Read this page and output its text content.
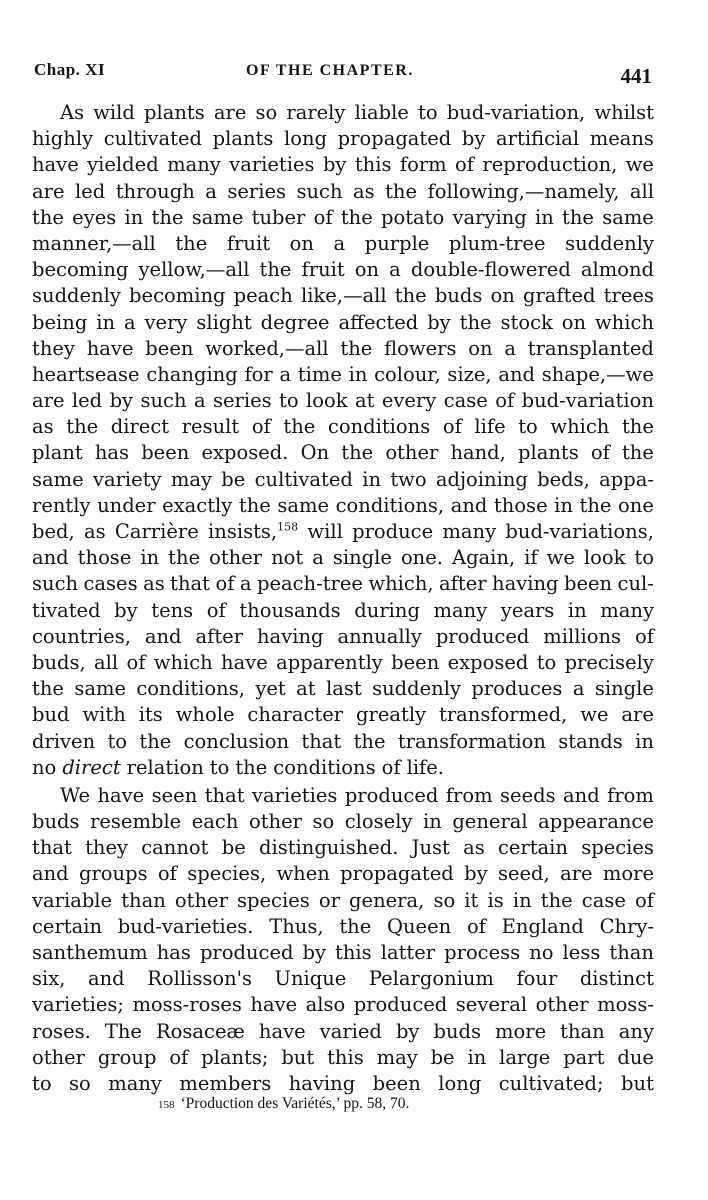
Chap. XI	OF THE CHAPTER.	441
As wild plants are so rarely liable to bud-variation, whilst
highly cultivated plants long propagated by artificial means
have yielded many varieties by this form of reproduction, we
are led through a series such as the following,—namely, all
the eyes in the same tuber of the potato varying in the same
manner,—all the fruit on a purple plum-tree suddenly
becoming yellow,—all the fruit on a double-flowered almond
suddenly becoming peach like,—all the buds on grafted trees
being in a very slight degree affected by the stock on which
they have been worked,—all the flowers on a transplanted
heartsease changing for a time in colour, size, and shape,—we
are led by such a series to look at every case of bud-variation
as the direct result of the conditions of life to which the
plant has been exposed. On the other hand, plants of the
same variety may be cultivated in two adjoining beds, appa-
rently under exactly the same conditions, and those in the one
bed, as Carrière insists,$^{158}$ will produce many bud-variations,
and those in the other not a single one. Again, if we look to
such cases as that of a peach-tree which, after having been cul-
tivated by tens of thousands during many years in many
countries, and after having annually produced millions of
buds, all of which have apparently been exposed to precisely
the same conditions, yet at last suddenly produces a single
bud with its whole character greatly transformed, we are
driven to the conclusion that the transformation stands in
no direct relation to the conditions of life.
We have seen that varieties produced from seeds and from
buds resemble each other so closely in general appearance
that they cannot be distinguished. Just as certain species
and groups of species, when propagated by seed, are more
variable than other species or genera, so it is in the case of
certain bud-varieties. Thus, the Queen of England Chry-
santhemum has produced by this latter process no less than
six, and Rollisson's Unique Pelargonium four distinct
varieties; moss-roses have also produced several other moss-
roses. The Rosaceæ have varied by buds more than any
other group of plants; but this may be in large part due
to so many members having been long cultivated; but
158 ‘Production des Variétés,’ pp. 58, 70.
